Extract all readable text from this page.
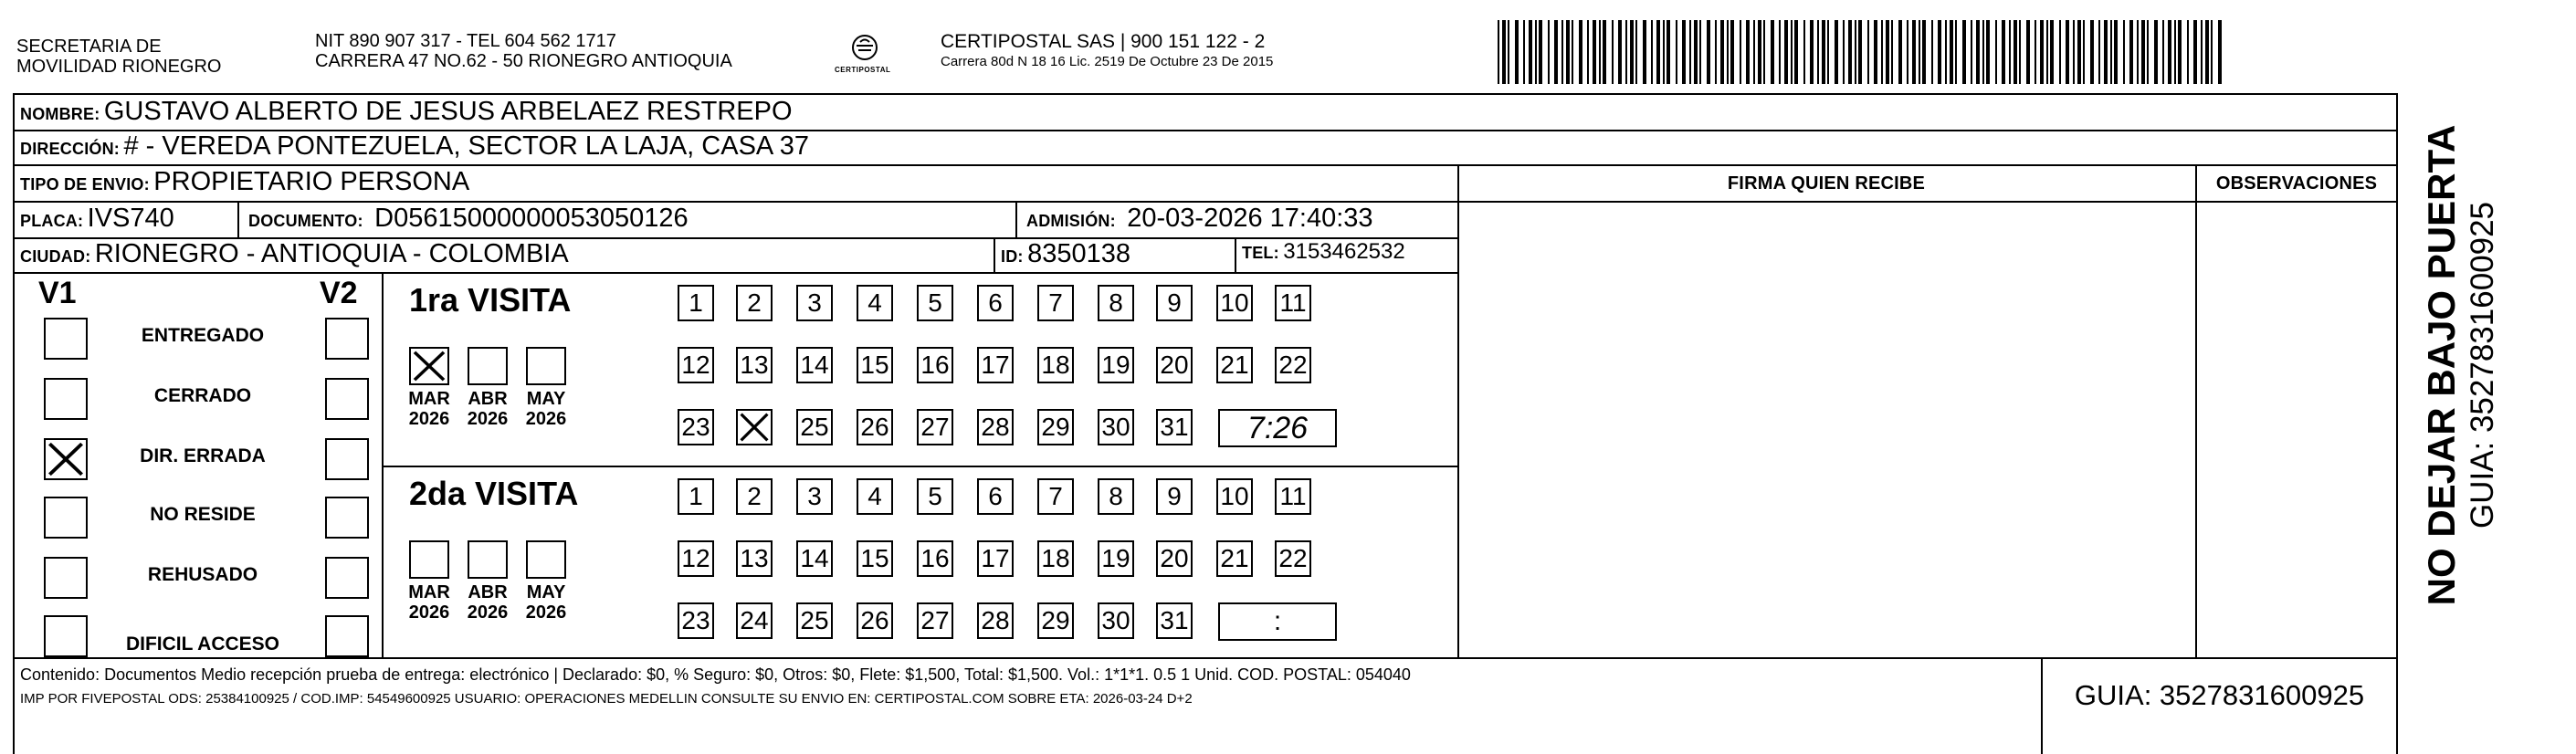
SECRETARIA DE
MOVILIDAD RIONEGRO
NIT 890 907 317 - TEL 604 562 1717
CARRERA 47 NO.62 - 50 RIONEGRO ANTIOQUIA	CERTIPOSTAL
CERTIPOSTAL SAS | 900 151 122 - 2
Carrera 80d N 18 16 Lic. 2519 De Octubre 23 De 2015
NOMBRE: GUSTAVO ALBERTO DE JESUS ARBELAEZ RESTREPO
DIRECCIÓN: # - VEREDA PONTEZUELA, SECTOR LA LAJA, CASA 37
TIPO DE ENVIO: PROPIETARIO PERSONA	FIRMA QUIEN RECIBE	OBSERVACIONES
PLACA: IVS740	DOCUMENTO: D05615000000053050126	ADMISIÓN: 20-03-2026 17:40:33
CIUDAD: RIONEGRO - ANTIOQUIA - COLOMBIA	ID: 8350138	TEL: 3153462532
V1	V2
ENTREGADO
CERRADO
DIR. ERRADA
NO RESIDE
REHUSADO
DIFICIL ACCESO
1ra VISITA
MAR
2026
ABR
2026
MAY
2026
1	2	3	4	5	6	7	8	9	10 11
12 13 14 15 16 17 18 19 20 21 22
23	25 26 27 28 29 30 31	7:26
2da VISITA
MAR
2026
ABR
2026
MAY
2026
1	2	3	4	5	6	7	8	9	10 11
12 13 14 15 16 17 18 19 20 21 22
23 24 25 26 27 28 29 30 31	:
Contenido: Documentos Medio recepción prueba de entrega: electrónico | Declarado: $0, % Seguro: $0, Otros: $0, Flete: $1,500, Total: $1,500. Vol.: 1*1*1. 0.5 1 Unid. COD. POSTAL: 054040
IMP POR FIVEPOSTAL ODS: 25384100925 / COD.IMP: 54549600925 USUARIO: OPERACIONES MEDELLIN CONSULTE SU ENVIO EN: CERTIPOSTAL.COM SOBRE ETA: 2026-03-24 D+2	GUIA: 3527831600925
NO DEJAR BAJO PUERTA GUIA: 3527831600925
